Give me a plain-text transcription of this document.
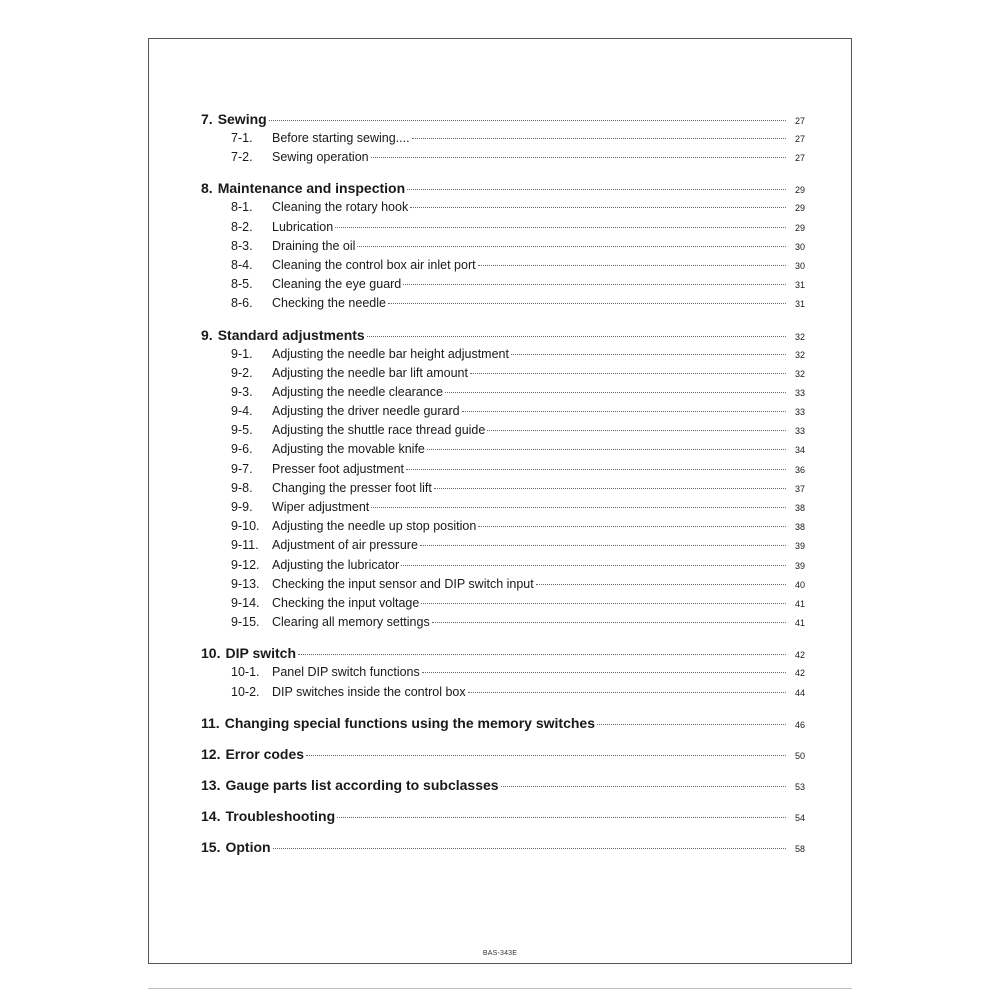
7. Sewing	27
7-1.	Before starting sewing....	27
7-2.	Sewing operation	27
8. Maintenance and inspection	29
8-1.	Cleaning the rotary hook	29
8-2.	Lubrication	29
8-3.	Draining the oil	30
8-4.	Cleaning the control box air inlet port	30
8-5.	Cleaning the eye guard	31
8-6.	Checking the needle	31
9. Standard adjustments	32
9-1.	Adjusting the needle bar height adjustment	32
9-2.	Adjusting the needle bar lift amount	32
9-3.	Adjusting the needle clearance	33
9-4.	Adjusting the driver needle gurard	33
9-5.	Adjusting the shuttle race thread guide	33
9-6.	Adjusting the movable knife	34
9-7.	Presser foot adjustment	36
9-8.	Changing the presser foot lift	37
9-9.	Wiper adjustment	38
9-10.	Adjusting the needle up stop position	38
9-11.	Adjustment of air pressure	39
9-12.	Adjusting the lubricator	39
9-13.	Checking the input sensor and DIP switch input	40
9-14.	Checking the input voltage	41
9-15.	Clearing all memory settings	41
10. DIP switch	42
10-1.	Panel DIP switch functions	42
10-2.	DIP switches inside the control box	44
11. Changing special functions using the memory switches	46
12. Error codes	50
13. Gauge parts list according to subclasses	53
14. Troubleshooting	54
15. Option	58
BAS-343E
